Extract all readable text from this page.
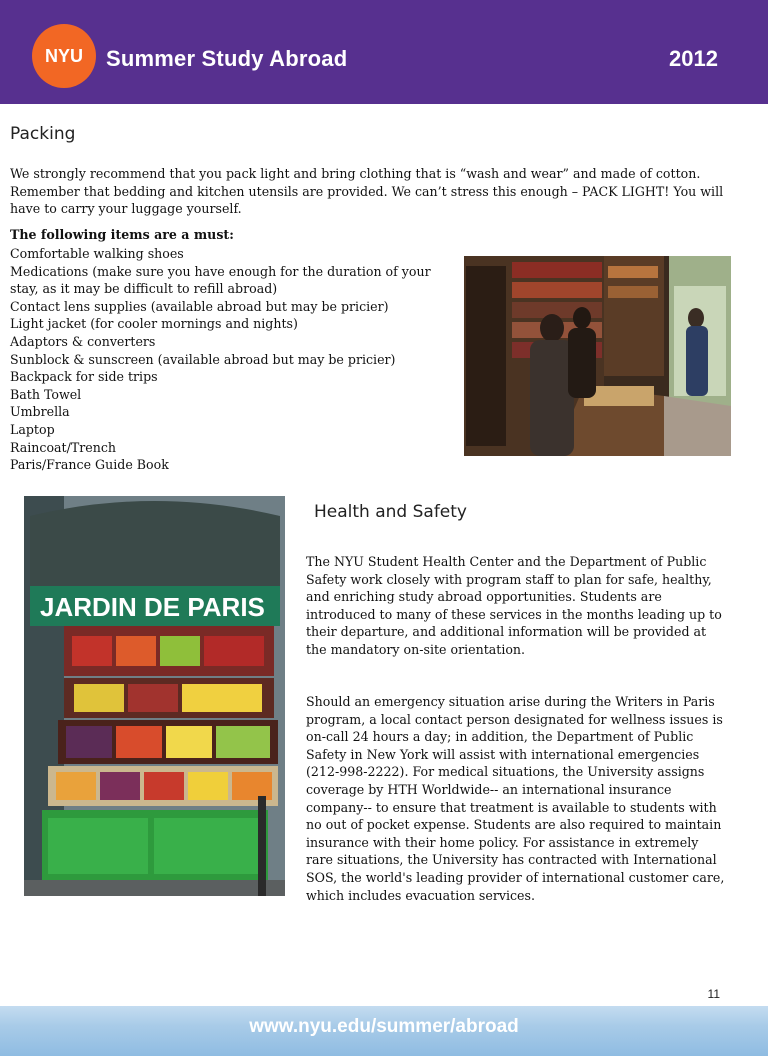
NYU	Summer Study Abroad	2012
Packing

We strongly recommend that you pack light and bring clothing that is “wash and wear” and made of cotton. Remember that bedding and kitchen utensils are provided. We can’t stress this enough – PACK LIGHT! You will have to carry your luggage yourself.

The following items are a must:
Comfortable walking shoes
Medications (make sure you have enough for the duration of your stay, as it may be difficult to refill abroad)
Contact lens supplies (available abroad but may be pricier)
Light jacket (for cooler mornings and nights)
Adaptors & converters
Sunblock & sunscreen (available abroad but may be pricier)
Backpack for side trips
Bath Towel
Umbrella
Laptop
Raincoat/Trench
Paris/France Guide Book
JARDIN DE PARIS
Health and Safety

The NYU Student Health Center and the Department of Public Safety work closely with program staff to plan for safe, healthy, and enriching study abroad opportunities. Students are introduced to many of these services in the months leading up to their departure, and additional information will be provided at the mandatory on-site orientation.

Should an emergency situation arise during the Writers in Paris program, a local contact person designated for wellness issues is on-call 24 hours a day; in addition, the Department of Public Safety in New York will assist with international emergencies (212-998-2222). For medical situations, the University assigns coverage by HTH Worldwide-- an international insurance company-- to ensure that treatment is available to students with no out of pocket expense. Students are also required to maintain insurance with their home policy. For assistance in extremely rare situations, the University has contracted with International SOS, the world's leading provider of international customer care, which includes evacuation services.

11
www.nyu.edu/summer/abroad
